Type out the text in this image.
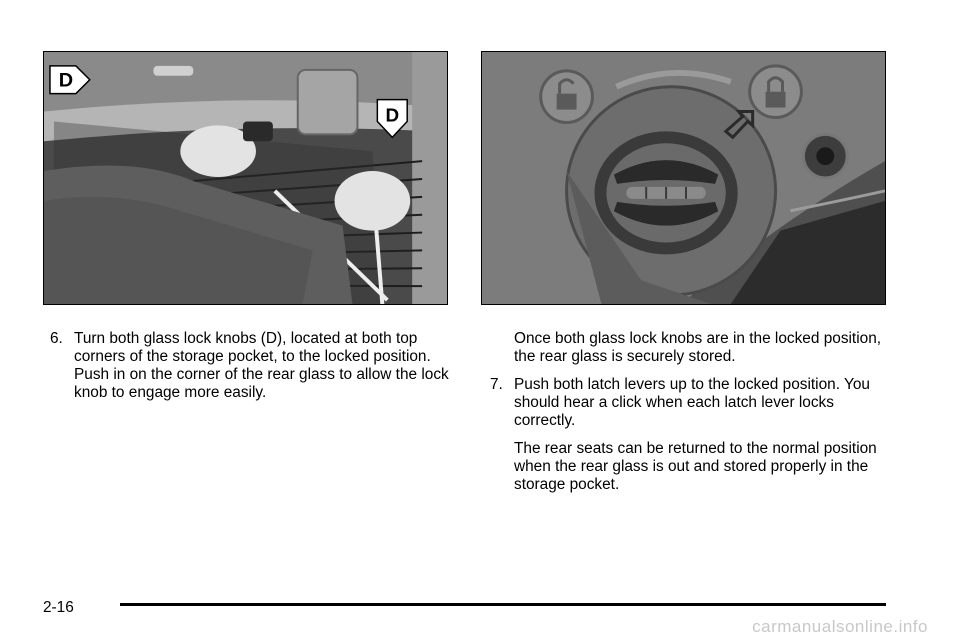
D
D

6. Turn both glass lock knobs (D), located at both top corners of the storage pocket, to the locked position. Push in on the corner of the rear glass to allow the lock knob to engage more easily.

Once both glass lock knobs are in the locked position, the rear glass is securely stored.

7. Push both latch levers up to the locked position. You should hear a click when each latch lever locks correctly.

The rear seats can be returned to the normal position when the rear glass is out and stored properly in the storage pocket.

2-16
carmanualsonline.info
